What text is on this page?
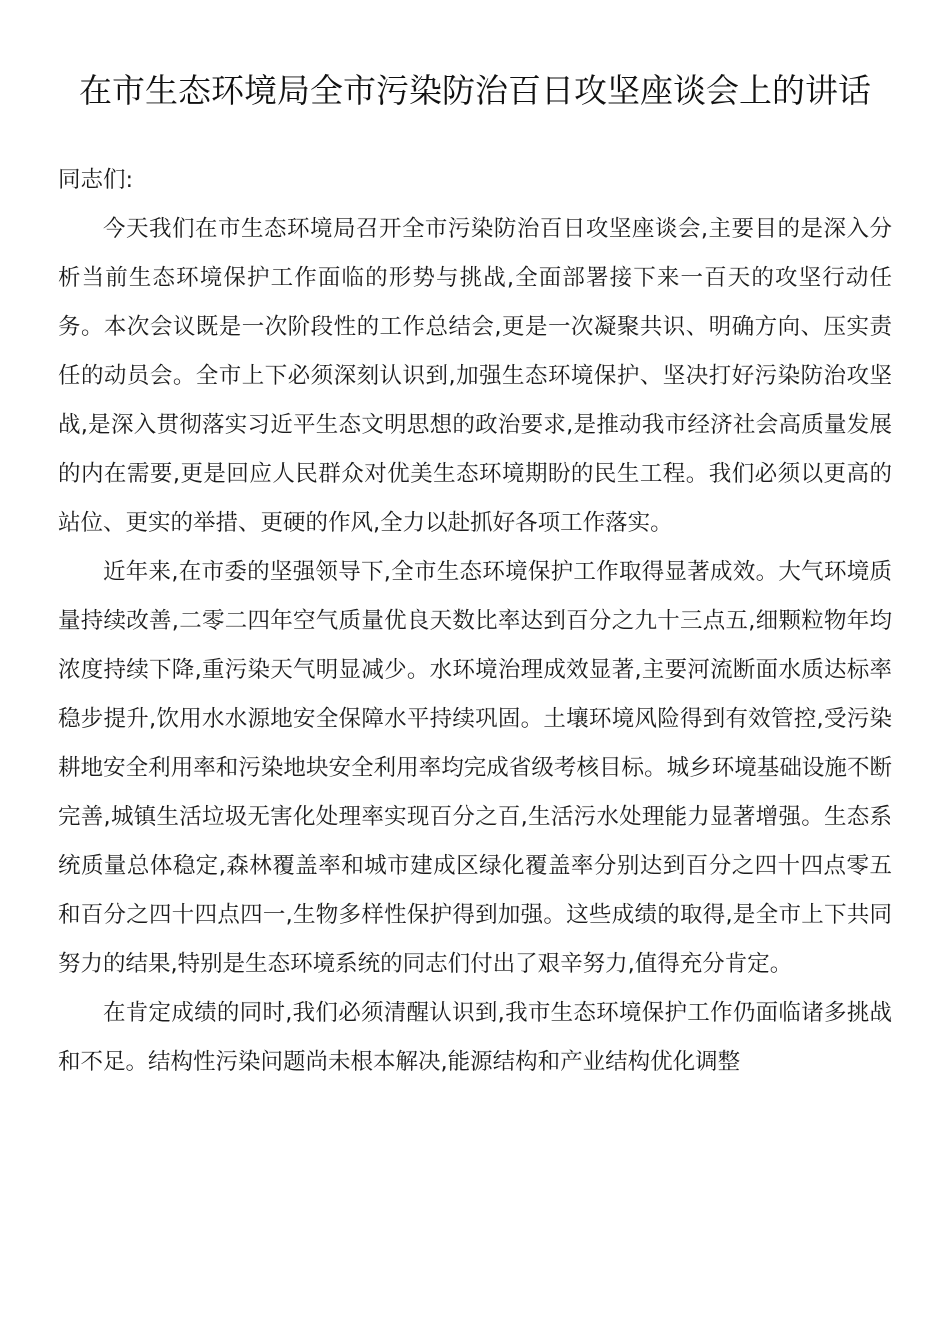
在市生态环境局全市污染防治百日攻坚座谈会上的讲话

同志们:

今天我们在市生态环境局召开全市污染防治百日攻坚座谈会,主要目的是深入分析当前生态环境保护工作面临的形势与挑战,全面部署接下来一百天的攻坚行动任务。本次会议既是一次阶段性的工作总结会,更是一次凝聚共识、明确方向、压实责任的动员会。全市上下必须深刻认识到,加强生态环境保护、坚决打好污染防治攻坚战,是深入贯彻落实习近平生态文明思想的政治要求,是推动我市经济社会高质量发展的内在需要,更是回应人民群众对优美生态环境期盼的民生工程。我们必须以更高的站位、更实的举措、更硬的作风,全力以赴抓好各项工作落实。

近年来,在市委的坚强领导下,全市生态环境保护工作取得显著成效。大气环境质量持续改善,二零二四年空气质量优良天数比率达到百分之九十三点五,细颗粒物年均浓度持续下降,重污染天气明显减少。水环境治理成效显著,主要河流断面水质达标率稳步提升,饮用水水源地安全保障水平持续巩固。土壤环境风险得到有效管控,受污染耕地安全利用率和污染地块安全利用率均完成省级考核目标。城乡环境基础设施不断完善,城镇生活垃圾无害化处理率实现百分之百,生活污水处理能力显著增强。生态系统质量总体稳定,森林覆盖率和城市建成区绿化覆盖率分别达到百分之四十四点零五和百分之四十四点四一,生物多样性保护得到加强。这些成绩的取得,是全市上下共同努力的结果,特别是生态环境系统的同志们付出了艰辛努力,值得充分肯定。

在肯定成绩的同时,我们必须清醒认识到,我市生态环境保护工作仍面临诸多挑战和不足。结构性污染问题尚未根本解决,能源结构和产业结构优化调整
